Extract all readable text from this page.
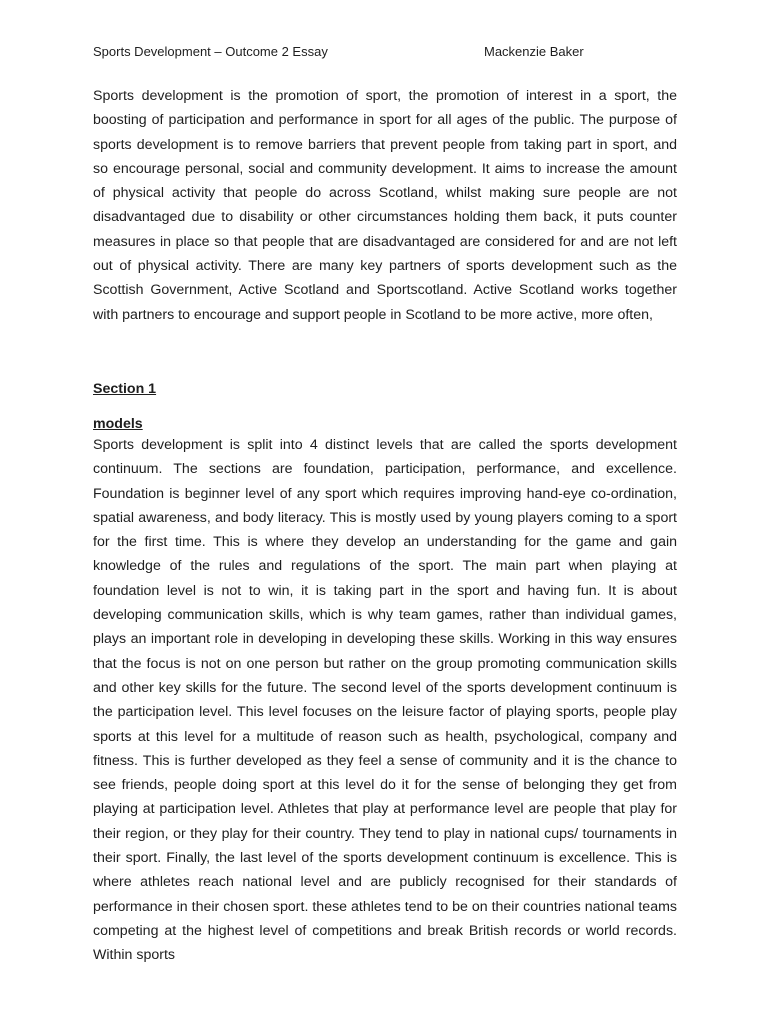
Sports Development – Outcome 2 Essay	Mackenzie Baker

Sports development is the promotion of sport, the promotion of interest in a sport, the boosting of participation and performance in sport for all ages of the public. The purpose of sports development is to remove barriers that prevent people from taking part in sport, and so encourage personal, social and community development. It aims to increase the amount of physical activity that people do across Scotland, whilst making sure people are not disadvantaged due to disability or other circumstances holding them back, it puts counter measures in place so that people that are disadvantaged are considered for and are not left out of physical activity. There are many key partners of sports development such as the Scottish Government, Active Scotland and Sportscotland. Active Scotland works together with partners to encourage and support people in Scotland to be more active, more often,

Section 1

models

Sports development is split into 4 distinct levels that are called the sports development continuum. The sections are foundation, participation, performance, and excellence. Foundation is beginner level of any sport which requires improving hand-eye co-ordination, spatial awareness, and body literacy. This is mostly used by young players coming to a sport for the first time. This is where they develop an understanding for the game and gain knowledge of the rules and regulations of the sport. The main part when playing at foundation level is not to win, it is taking part in the sport and having fun. It is about developing communication skills, which is why team games, rather than individual games, plays an important role in developing in developing these skills. Working in this way ensures that the focus is not on one person but rather on the group promoting communication skills and other key skills for the future. The second level of the sports development continuum is the participation level. This level focuses on the leisure factor of playing sports, people play sports at this level for a multitude of reason such as health, psychological, company and fitness. This is further developed as they feel a sense of community and it is the chance to see friends, people doing sport at this level do it for the sense of belonging they get from playing at participation level. Athletes that play at performance level are people that play for their region, or they play for their country. They tend to play in national cups/ tournaments in their sport. Finally, the last level of the sports development continuum is excellence. This is where athletes reach national level and are publicly recognised for their standards of performance in their chosen sport. these athletes tend to be on their countries national teams competing at the highest level of competitions and break British records or world records. Within sports
